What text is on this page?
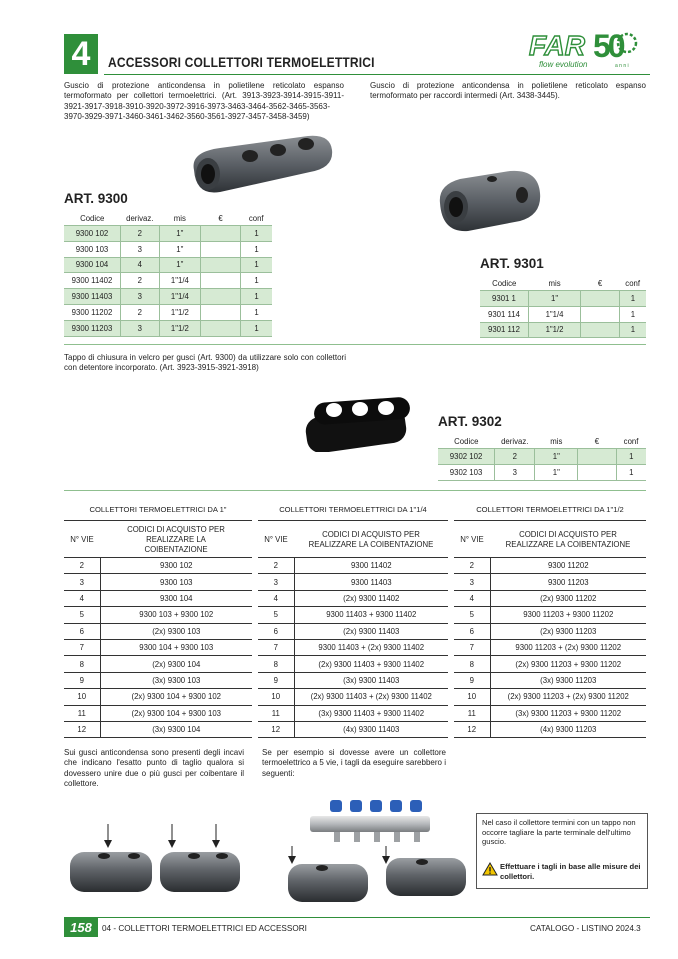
4	ACCESSORI COLLETTORI TERMOELETTRICI
FAR 50
flow evolution	a n n i
Guscio di protezione anticondensa in polietilene reticolato espanso termoformato per collettori termoelettrici. (Art. 3913-3923-3914-3915-3911-3921-3917-3918-3910-3920-3972-3916-3973-3463-3464-3562-3465-3563-3970-3929-3971-3460-3461-3462-3560-3561-3927-3457-3458-3459)
Guscio di protezione anticondensa in polietilene reticolato espanso termoformato per raccordi intermedi (Art. 3438-3445).
ART. 9300
Codice	derivaz.	mis	€	conf
9300 102	2	1"		1
9300 103	3	1"		1
9300 104	4	1"		1
9300 11402	2	1"1/4		1
9300 11403	3	1"1/4		1
9300 11202	2	1"1/2		1
9300 11203	3	1"1/2		1
ART. 9301
Codice	mis	€	conf
9301 1	1"		1
9301 114	1"1/4		1
9301 112	1"1/2		1
Tappo di chiusura in velcro per gusci (Art. 9300) da utilizzare solo con collettori con detentore incorporato. (Art. 3923-3915-3921-3918)
ART. 9302
Codice	derivaz.	mis	€	conf
9302 102	2	1"		1
9302 103	3	1"		1
COLLETTORI TERMOELETTRICI DA 1"	COLLETTORI TERMOELETTRICI DA 1"1/4	COLLETTORI TERMOELETTRICI DA 1"1/2
N° VIE	CODICI DI ACQUISTO PER REALIZZARE LA COIBENTAZIONE
2	9300 102
3	9300 103
4	9300 104
5	9300 103 + 9300 102
6	(2x) 9300 103
7	9300 104 + 9300 103
8	(2x) 9300 104
9	(3x) 9300 103
10	(2x) 9300 104 + 9300 102
11	(2x) 9300 104 + 9300 103
12	(3x) 9300 104
N° VIE	CODICI DI ACQUISTO PER REALIZZARE LA COIBENTAZIONE
2	9300 11402
3	9300 11403
4	(2x) 9300 11402
5	9300 11403 + 9300 11402
6	(2x) 9300 11403
7	9300 11403 + (2x) 9300 11402
8	(2x) 9300 11403 + 9300 11402
9	(3x) 9300 11403
10	(2x) 9300 11403 + (2x) 9300 11402
11	(3x) 9300 11403 + 9300 11402
12	(4x) 9300 11403
N° VIE	CODICI DI ACQUISTO PER REALIZZARE LA COIBENTAZIONE
2	9300 11202
3	9300 11203
4	(2x) 9300 11202
5	9300 11203 + 9300 11202
6	(2x) 9300 11203
7	9300 11203 + (2x) 9300 11202
8	(2x) 9300 11203 + 9300 11202
9	(3x) 9300 11203
10	(2x) 9300 11203 + (2x) 9300 11202
11	(3x) 9300 11203 + 9300 11202
12	(4x) 9300 11203
Sui gusci anticondensa sono presenti degli incavi che indicano l'esatto punto di taglio qualora si dovessero unire due o più gusci per coibentare il collettore.
Se per esempio si dovesse avere un collettore termoelettrico a 5 vie, i tagli da eseguire sarebbero i seguenti:
Nel caso il collettore termini con un tappo non occorre tagliare la parte terminale dell'ultimo guscio.
Effettuare i tagli in base alle misure dei collettori.
158	04 - COLLETTORI TERMOELETTRICI ED ACCESSORI	CATALOGO - LISTINO 2024.3
